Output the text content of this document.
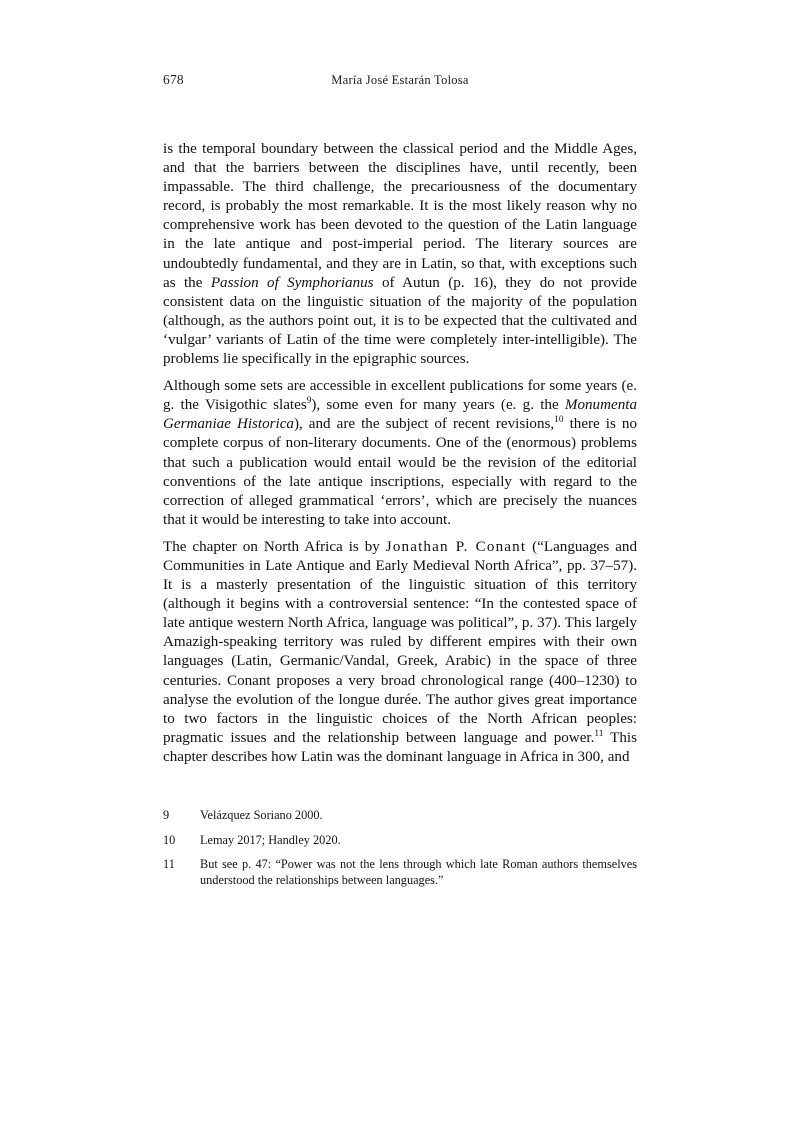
678	María José Estarán Tolosa

is the temporal boundary between the classical period and the Middle Ages, and that the barriers between the disciplines have, until recently, been impassable. The third challenge, the precariousness of the documentary record, is probably the most remarkable. It is the most likely reason why no comprehensive work has been devoted to the question of the Latin language in the late antique and post-imperial period. The literary sources are undoubtedly fundamental, and they are in Latin, so that, with exceptions such as the Passion of Symphorianus of Autun (p. 16), they do not provide consistent data on the linguistic situation of the majority of the population (although, as the authors point out, it is to be expected that the cultivated and ‘vulgar’ variants of Latin of the time were completely inter-intelligible). The problems lie specifically in the epigraphic sources.

Although some sets are accessible in excellent publications for some years (e. g. the Visigothic slates$^9$), some even for many years (e. g. the Monumenta Germaniae Historica), and are the subject of recent revisions,$^{10}$ there is no complete corpus of non-literary documents. One of the (enormous) problems that such a publication would entail would be the revision of the editorial conventions of the late antique inscriptions, especially with regard to the correction of alleged grammatical ‘errors’, which are precisely the nuances that it would be interesting to take into account.

The chapter on North Africa is by Jonathan P. Conant (“Languages and Communities in Late Antique and Early Medieval North Africa”, pp. 37–57). It is a masterly presentation of the linguistic situation of this territory (although it begins with a controversial sentence: “In the contested space of late antique western North Africa, language was political”, p. 37). This largely Amazigh-speaking territory was ruled by different empires with their own languages (Latin, Germanic/Vandal, Greek, Arabic) in the space of three centuries. Conant proposes a very broad chronological range (400–1230) to analyse the evolution of the longue durée. The author gives great importance to two factors in the linguistic choices of the North African peoples: pragmatic issues and the relationship between language and power.$^{11}$ This chapter describes how Latin was the dominant language in Africa in 300, and

9	Velázquez Soriano 2000.
10	Lemay 2017; Handley 2020.
11	But see p. 47: “Power was not the lens through which late Roman authors themselves understood the relationships between languages.”
